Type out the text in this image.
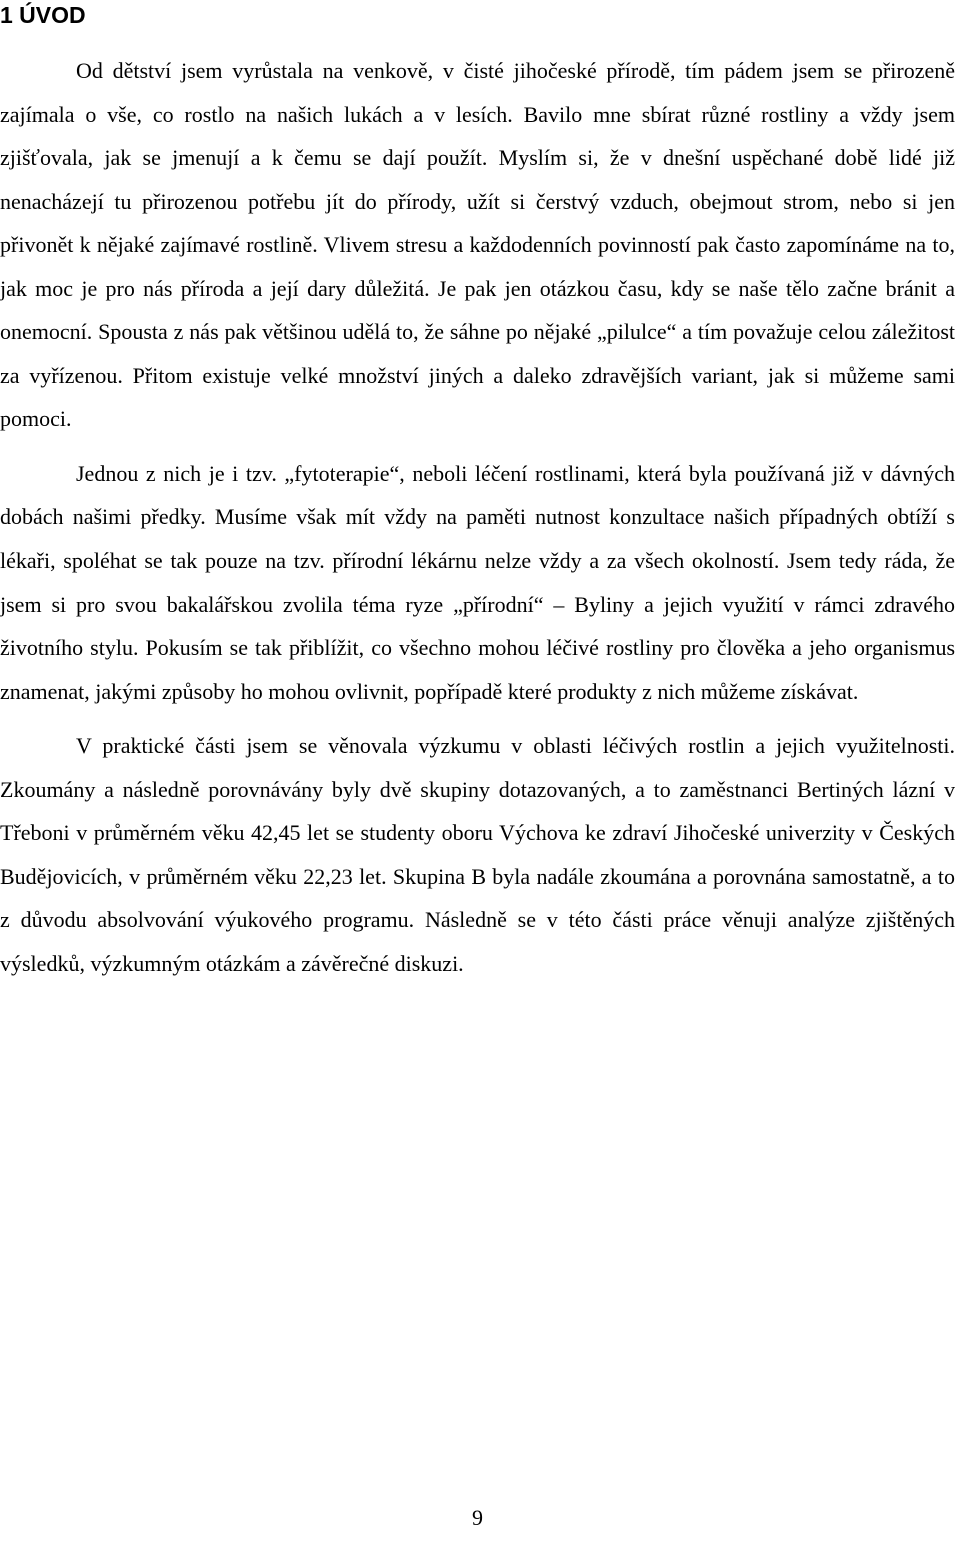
1 ÚVOD

Od dětství jsem vyrůstala na venkově, v čisté jihočeské přírodě, tím pádem jsem se přirozeně zajímala o vše, co rostlo na našich lukách a v lesích. Bavilo mne sbírat různé rostliny a vždy jsem zjišťovala, jak se jmenují a k čemu se dají použít. Myslím si, že v dnešní uspěchané době lidé již nenacházejí tu přirozenou potřebu jít do přírody, užít si čerstvý vzduch, obejmout strom, nebo si jen přivonět k nějaké zajímavé rostlině. Vlivem stresu a každodenních povinností pak často zapomínáme na to, jak moc je pro nás příroda a její dary důležitá. Je pak jen otázkou času, kdy se naše tělo začne bránit a onemocní. Spousta z nás pak většinou udělá to, že sáhne po nějaké „pilulce“ a tím považuje celou záležitost za vyřízenou. Přitom existuje velké množství jiných a daleko zdravějších variant, jak si můžeme sami pomoci.

Jednou z nich je i tzv. „fytoterapie“, neboli léčení rostlinami, která byla používaná již v dávných dobách našimi předky. Musíme však mít vždy na paměti nutnost konzultace našich případných obtíží s lékaři, spoléhat se tak pouze na tzv. přírodní lékárnu nelze vždy a za všech okolností. Jsem tedy ráda, že jsem si pro svou bakalářskou zvolila téma ryze „přírodní“ – Byliny a jejich využití v rámci zdravého životního stylu. Pokusím se tak přiblížit, co všechno mohou léčivé rostliny pro člověka a jeho organismus znamenat, jakými způsoby ho mohou ovlivnit, popřípadě které produkty z nich můžeme získávat.

V praktické části jsem se věnovala výzkumu v oblasti léčivých rostlin a jejich využitelnosti. Zkoumány a následně porovnávány byly dvě skupiny dotazovaných, a to zaměstnanci Bertiných lázní v Třeboni v průměrném věku 42,45 let se studenty oboru Výchova ke zdraví Jihočeské univerzity v Českých Budějovicích, v průměrném věku 22,23 let. Skupina B byla nadále zkoumána a porovnána samostatně, a to z důvodu absolvování výukového programu. Následně se v této části práce věnuji analýze zjištěných výsledků, výzkumným otázkám a závěrečné diskuzi.

9
